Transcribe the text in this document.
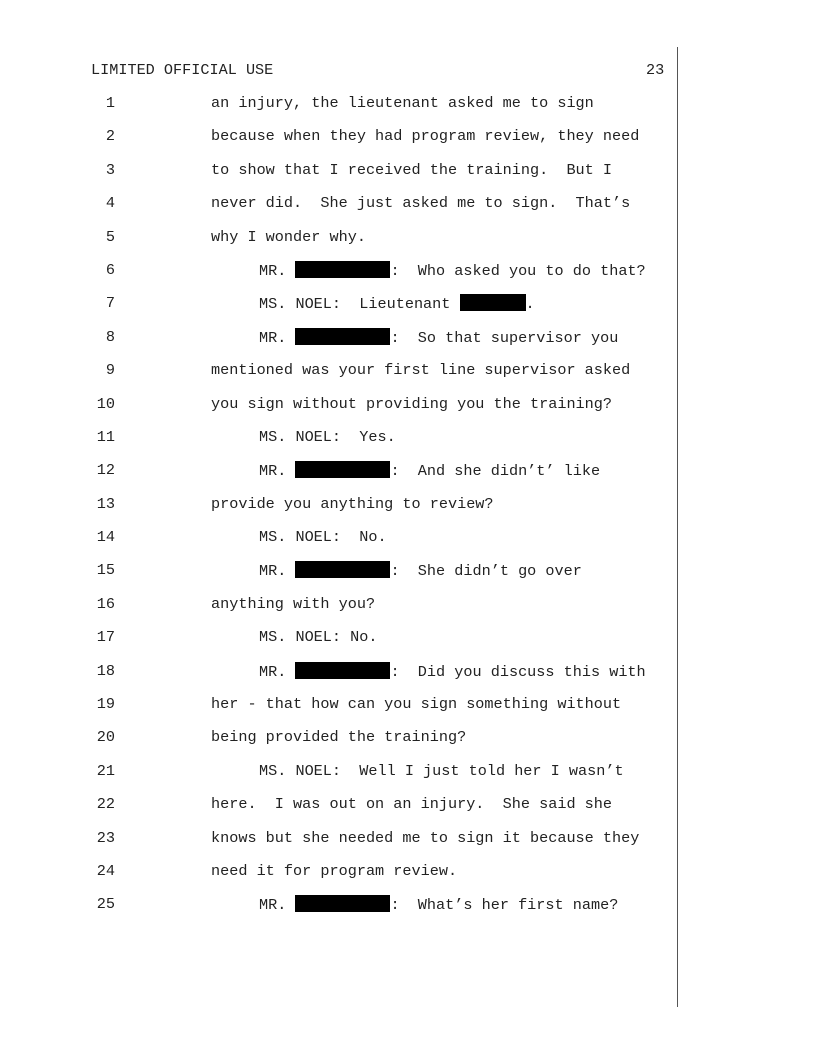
LIMITED OFFICIAL USE	23
1	an injury, the lieutenant asked me to sign
2	because when they had program review, they need
3	to show that I received the training.  But I
4	never did.  She just asked me to sign.  That’s
5	why I wonder why.
6	MR.	:  Who asked you to do that?
7	MS. NOEL:  Lieutenant	.
8	MR.	:  So that supervisor you
9	mentioned was your first line supervisor asked
10	you sign without providing you the training?
11	MS. NOEL:  Yes.
12	MR.	:  And she didn’t’ like
13	provide you anything to review?
14	MS. NOEL:  No.
15	MR.	:  She didn’t go over
16	anything with you?
17	MS. NOEL: No.
18	MR.	:  Did you discuss this with
19	her - that how can you sign something without
20	being provided the training?
21	MS. NOEL:  Well I just told her I wasn’t
22	here.  I was out on an injury.  She said she
23	knows but she needed me to sign it because they
24	need it for program review.
25	MR.	:  What’s her first name?
